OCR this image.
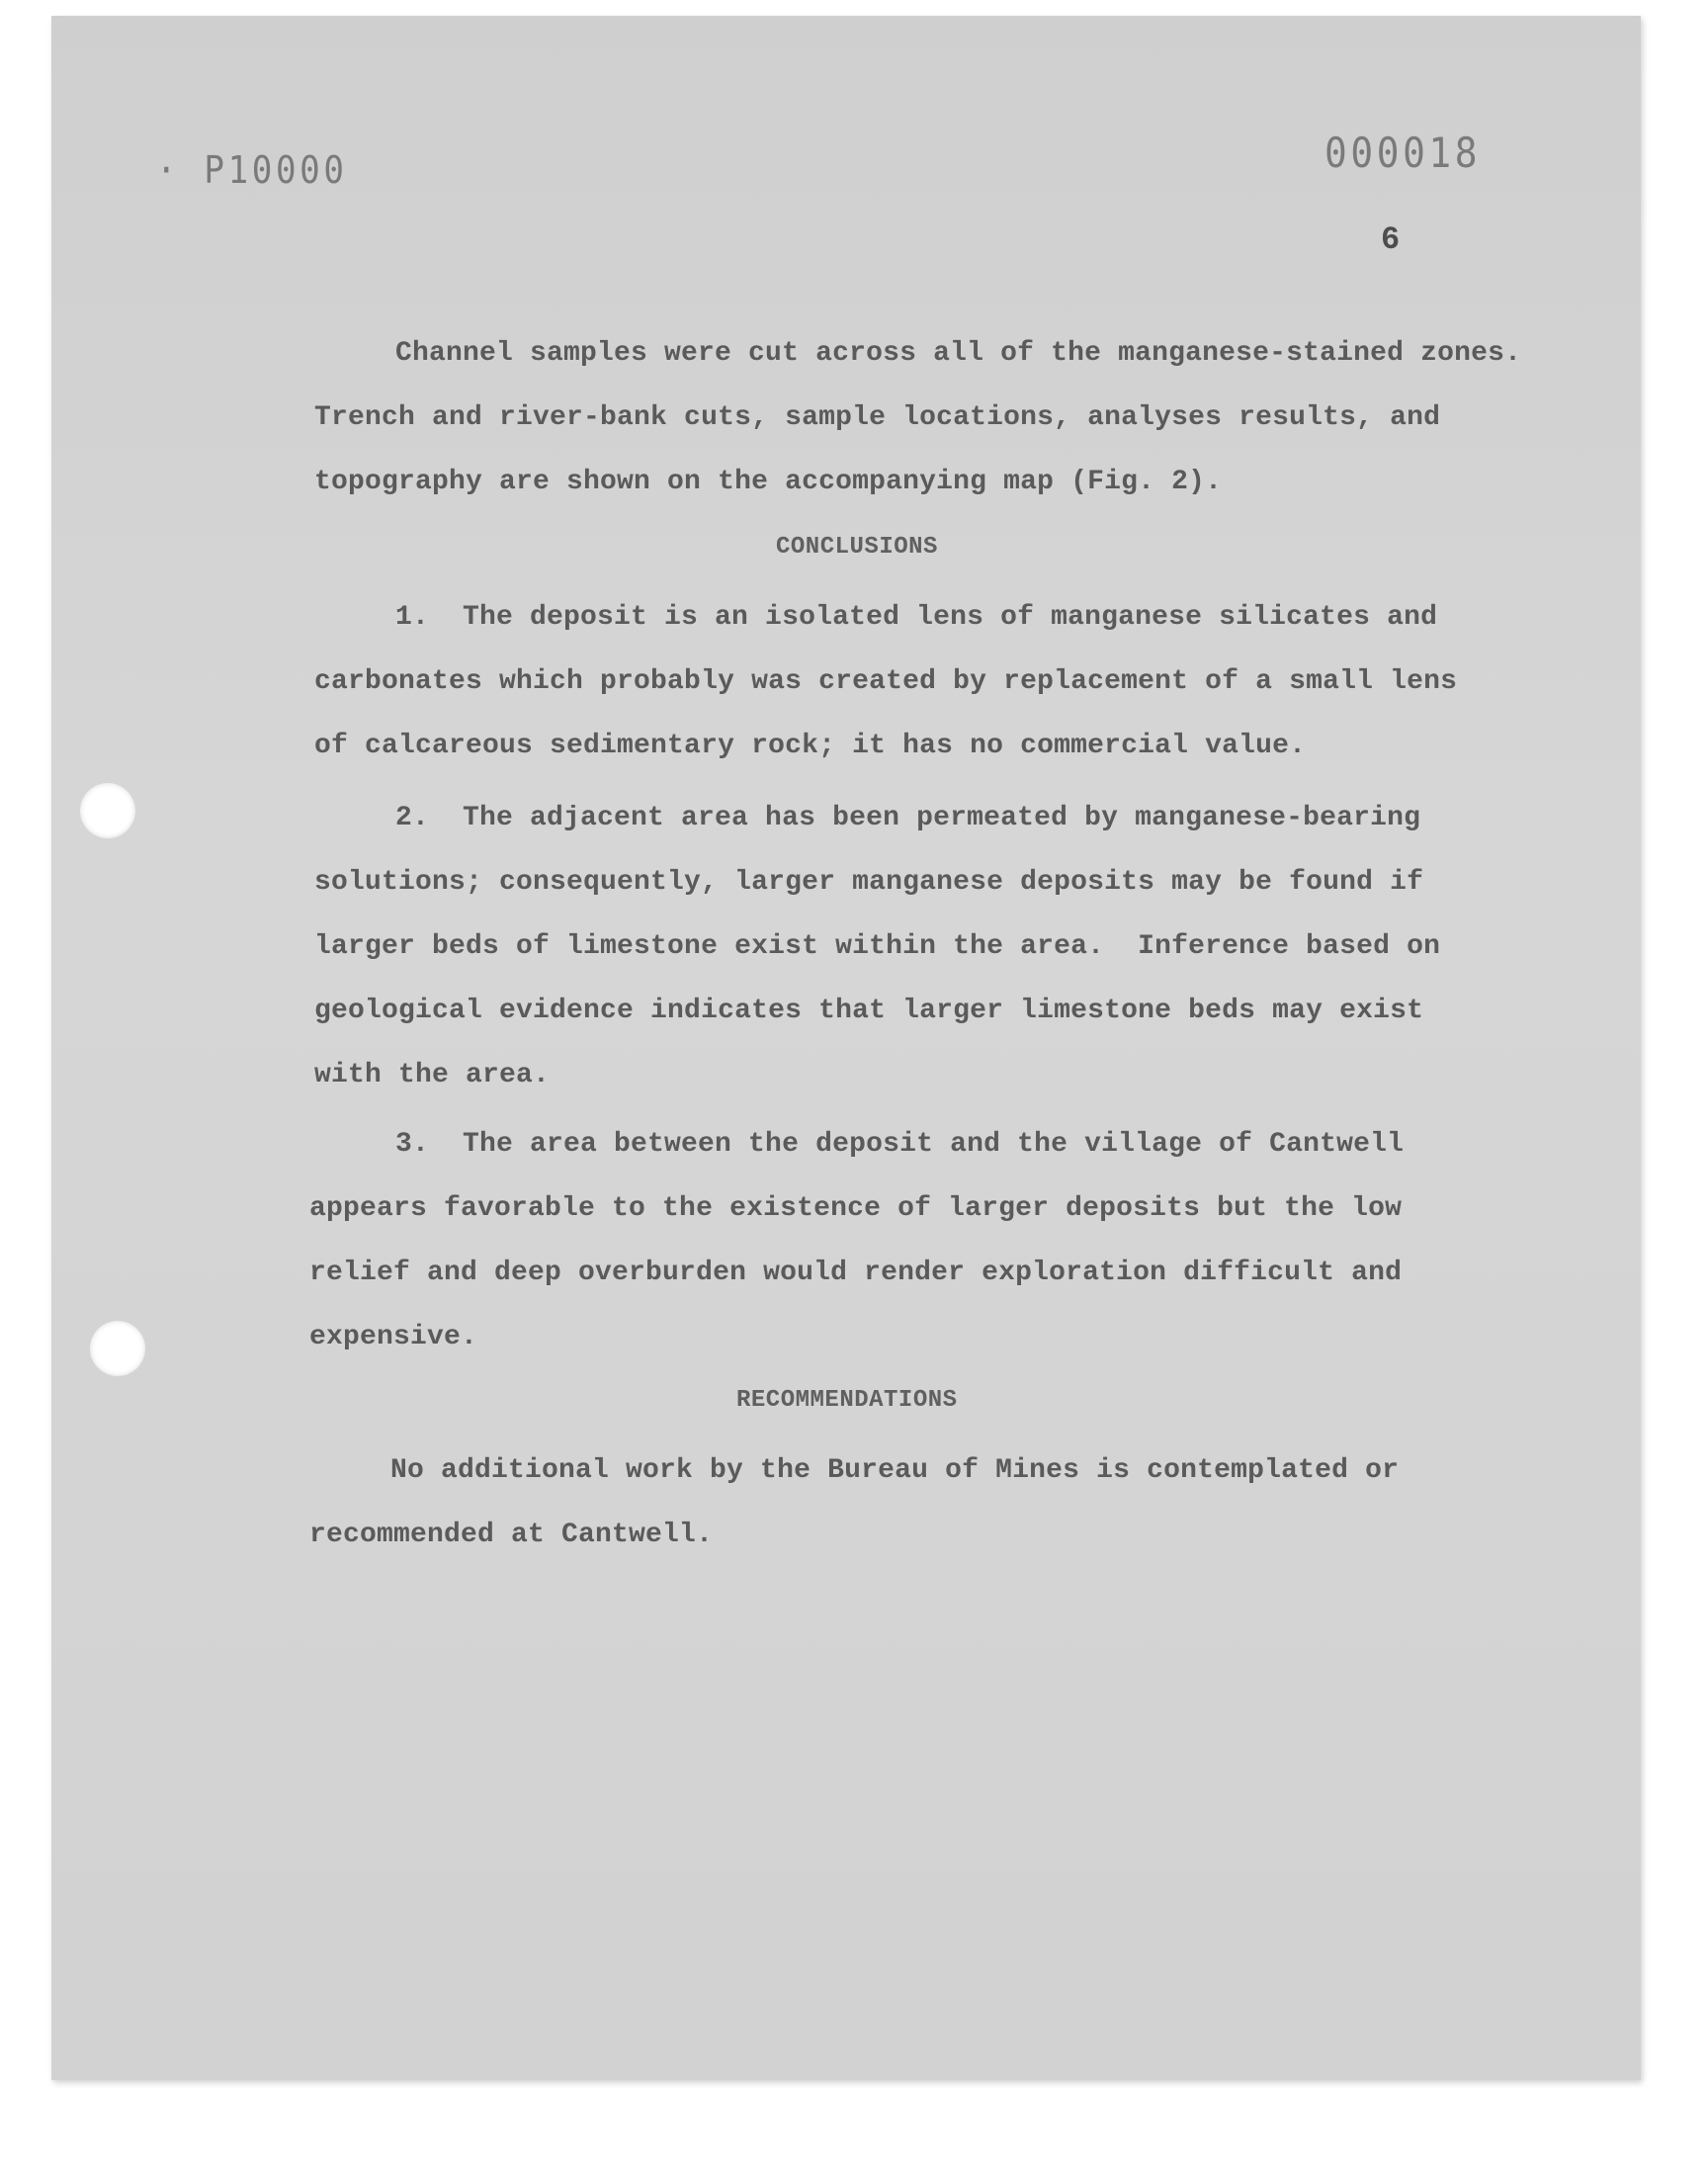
· P10000	000018
6
Channel samples were cut across all of the manganese-stained zones.
Trench and river-bank cuts, sample locations, analyses results, and
topography are shown on the accompanying map (Fig. 2).
CONCLUSIONS
1.  The deposit is an isolated lens of manganese silicates and
carbonates which probably was created by replacement of a small lens
of calcareous sedimentary rock; it has no commercial value.
2.  The adjacent area has been permeated by manganese-bearing
solutions; consequently, larger manganese deposits may be found if
larger beds of limestone exist within the area.  Inference based on
geological evidence indicates that larger limestone beds may exist
with the area.
3.  The area between the deposit and the village of Cantwell
appears favorable to the existence of larger deposits but the low
relief and deep overburden would render exploration difficult and
expensive.
RECOMMENDATIONS
No additional work by the Bureau of Mines is contemplated or
recommended at Cantwell.
